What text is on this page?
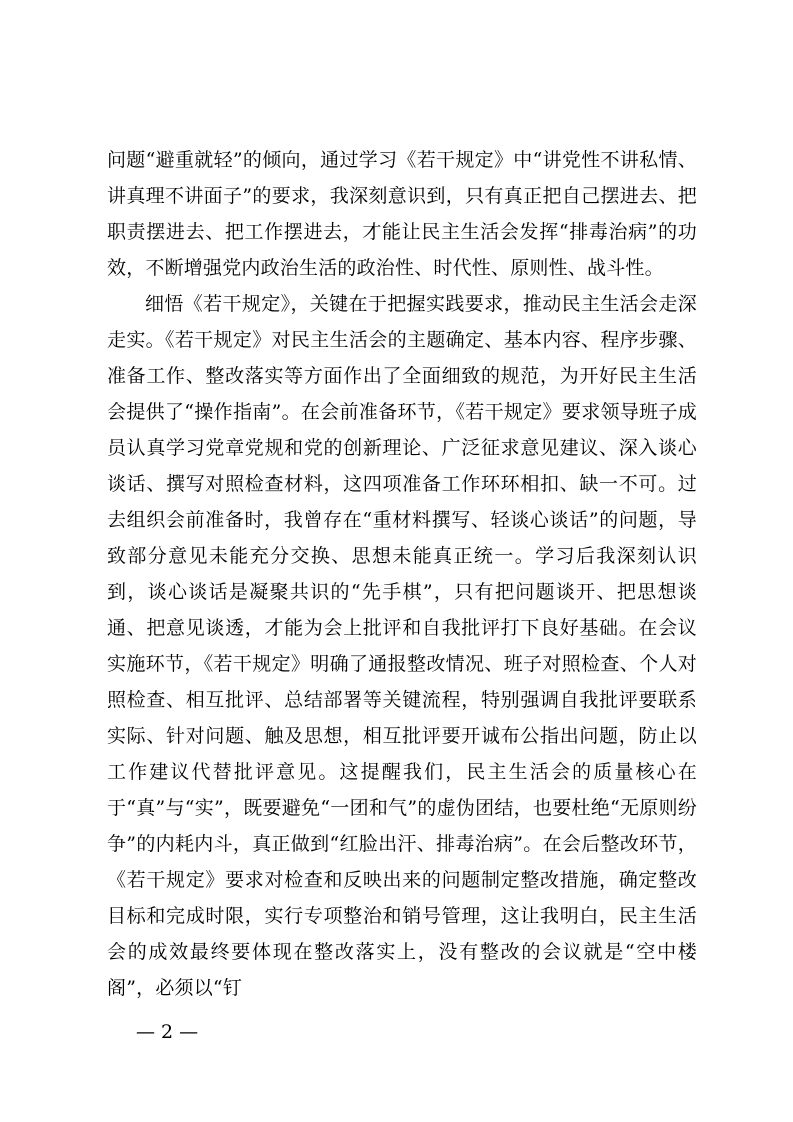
问题“避重就轻”的倾向，通过学习《若干规定》中“讲党性不讲私情、讲真理不讲面子”的要求，我深刻意识到，只有真正把自己摆进去、把职责摆进去、把工作摆进去，才能让民主生活会发挥“排毒治病”的功效，不断增强党内政治生活的政治性、时代性、原则性、战斗性。

细悟《若干规定》，关键在于把握实践要求，推动民主生活会走深走实。《若干规定》对民主生活会的主题确定、基本内容、程序步骤、准备工作、整改落实等方面作出了全面细致的规范，为开好民主生活会提供了“操作指南”。在会前准备环节，《若干规定》要求领导班子成员认真学习党章党规和党的创新理论、广泛征求意见建议、深入谈心谈话、撰写对照检查材料，这四项准备工作环环相扣、缺一不可。过去组织会前准备时，我曾存在“重材料撰写、轻谈心谈话”的问题，导致部分意见未能充分交换、思想未能真正统一。学习后我深刻认识到，谈心谈话是凝聚共识的“先手棋”，只有把问题谈开、把思想谈通、把意见谈透，才能为会上批评和自我批评打下良好基础。在会议实施环节，《若干规定》明确了通报整改情况、班子对照检查、个人对照检查、相互批评、总结部署等关键流程，特别强调自我批评要联系实际、针对问题、触及思想，相互批评要开诚布公指出问题，防止以工作建议代替批评意见。这提醒我们，民主生活会的质量核心在于“真”与“实”，既要避免“一团和气”的虚伪团结，也要杜绝“无原则纷争”的内耗内斗，真正做到“红脸出汗、排毒治病”。在会后整改环节，《若干规定》要求对检查和反映出来的问题制定整改措施，确定整改目标和完成时限，实行专项整治和销号管理，这让我明白，民主生活会的成效最终要体现在整改落实上，没有整改的会议就是“空中楼阁”，必须以“钉

— 2 —
